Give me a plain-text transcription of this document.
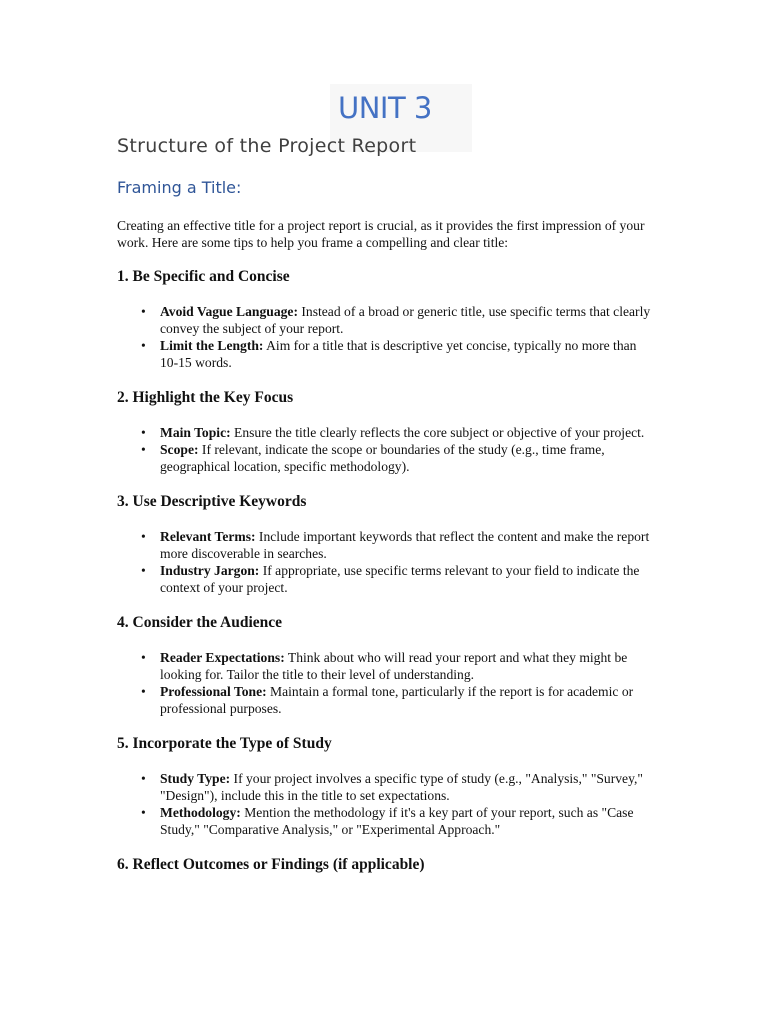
UNIT 3
Structure of the Project Report
Framing a Title:

Creating an effective title for a project report is crucial, as it provides the first impression of your work. Here are some tips to help you frame a compelling and clear title:

1. Be Specific and Concise
• Avoid Vague Language: Instead of a broad or generic title, use specific terms that clearly convey the subject of your report.
• Limit the Length: Aim for a title that is descriptive yet concise, typically no more than 10-15 words.
2. Highlight the Key Focus
• Main Topic: Ensure the title clearly reflects the core subject or objective of your project.
• Scope: If relevant, indicate the scope or boundaries of the study (e.g., time frame, geographical location, specific methodology).
3. Use Descriptive Keywords
• Relevant Terms: Include important keywords that reflect the content and make the report more discoverable in searches.
• Industry Jargon: If appropriate, use specific terms relevant to your field to indicate the context of your project.
4. Consider the Audience
• Reader Expectations: Think about who will read your report and what they might be looking for. Tailor the title to their level of understanding.
• Professional Tone: Maintain a formal tone, particularly if the report is for academic or professional purposes.
5. Incorporate the Type of Study
• Study Type: If your project involves a specific type of study (e.g., "Analysis," "Survey," "Design"), include this in the title to set expectations.
• Methodology: Mention the methodology if it's a key part of your report, such as "Case Study," "Comparative Analysis," or "Experimental Approach."
6. Reflect Outcomes or Findings (if applicable)
